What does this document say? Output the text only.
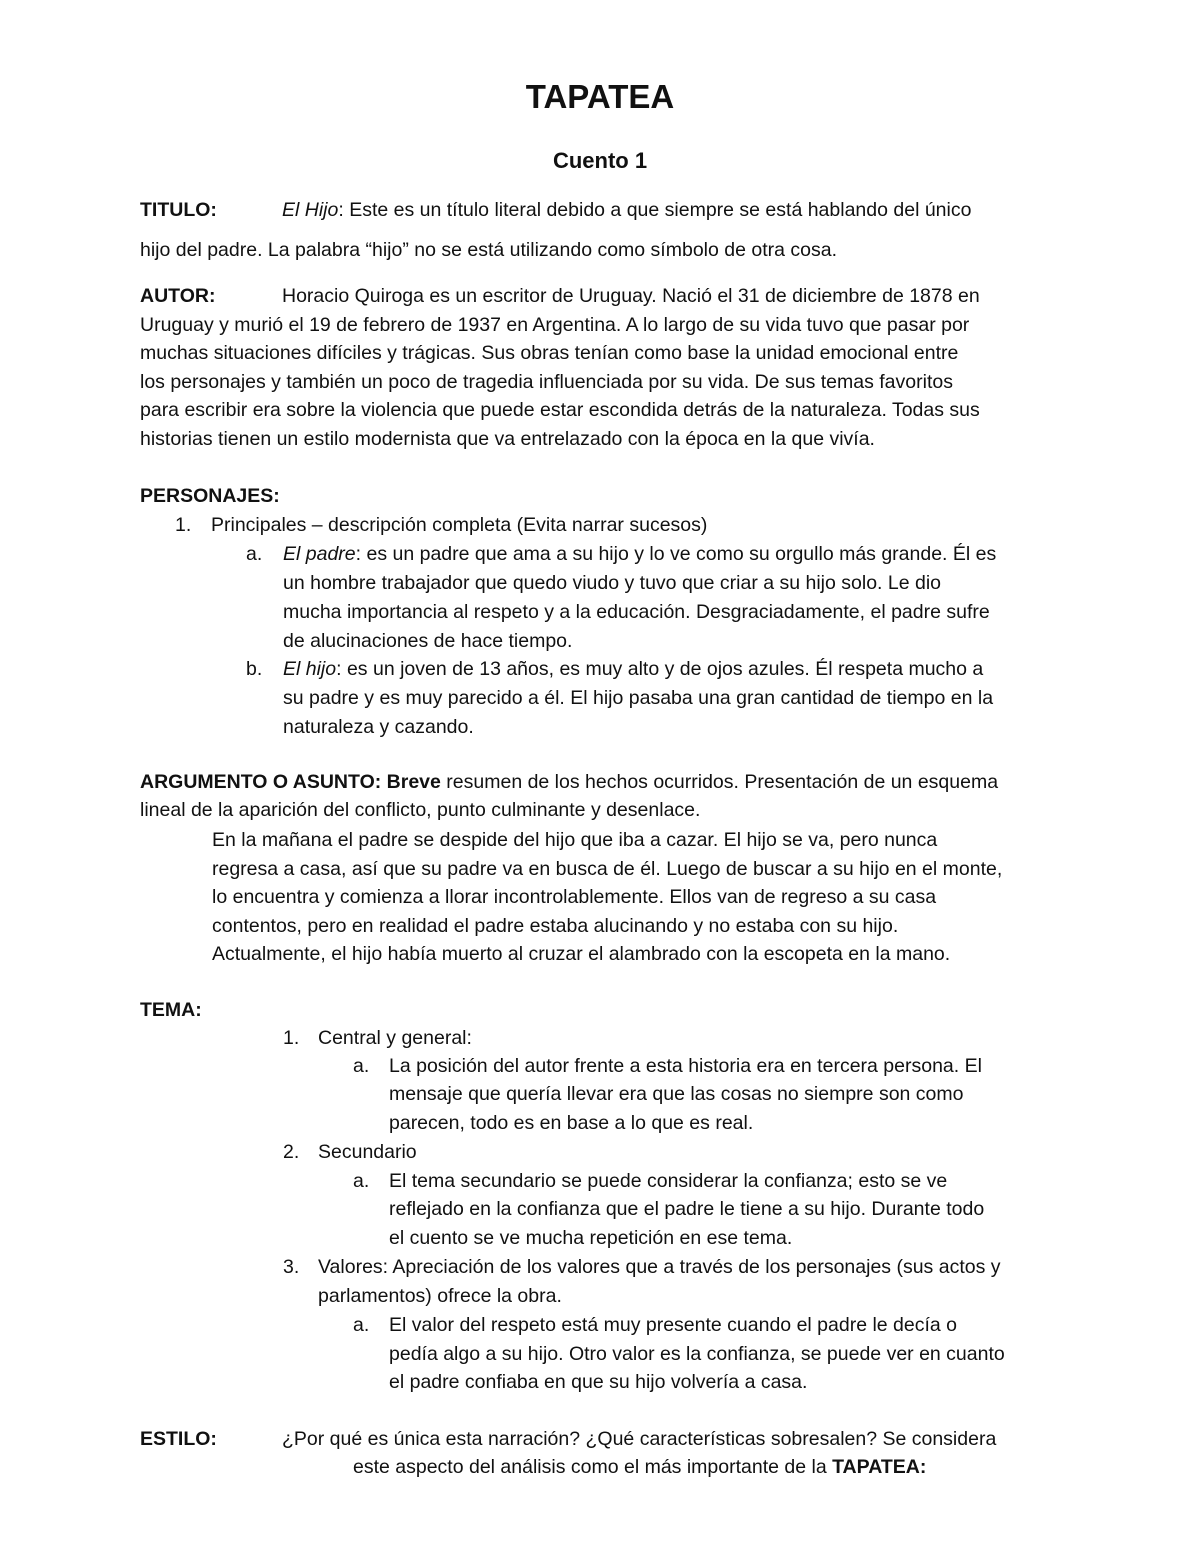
TAPATEA
Cuento 1
TITULO:	El Hijo: Este es un título literal debido a que siempre se está hablando del único
hijo del padre. La palabra “hijo” no se está utilizando como símbolo de otra cosa.
AUTOR:	Horacio Quiroga es un escritor de Uruguay. Nació el 31 de diciembre de 1878 en
Uruguay y murió el 19 de febrero de 1937 en Argentina. A lo largo de su vida tuvo que pasar por
muchas situaciones difíciles y trágicas. Sus obras tenían como base la unidad emocional entre
los personajes y también un poco de tragedia influenciada por su vida. De sus temas favoritos
para escribir era sobre la violencia que puede estar escondida detrás de la naturaleza. Todas sus
historias tienen un estilo modernista que va entrelazado con la época en la que vivía.
PERSONAJES:
1. Principales – descripción completa (Evita narrar sucesos)
a. El padre: es un padre que ama a su hijo y lo ve como su orgullo más grande. Él es
un hombre trabajador que quedo viudo y tuvo que criar a su hijo solo. Le dio
mucha importancia al respeto y a la educación. Desgraciadamente, el padre sufre
de alucinaciones de hace tiempo.
b. El hijo: es un joven de 13 años, es muy alto y de ojos azules. Él respeta mucho a
su padre y es muy parecido a él. El hijo pasaba una gran cantidad de tiempo en la
naturaleza y cazando.
ARGUMENTO O ASUNTO: Breve resumen de los hechos ocurridos. Presentación de un esquema
lineal de la aparición del conflicto, punto culminante y desenlace.
En la mañana el padre se despide del hijo que iba a cazar. El hijo se va, pero nunca
regresa a casa, así que su padre va en busca de él. Luego de buscar a su hijo en el monte,
lo encuentra y comienza a llorar incontrolablemente. Ellos van de regreso a su casa
contentos, pero en realidad el padre estaba alucinando y no estaba con su hijo.
Actualmente, el hijo había muerto al cruzar el alambrado con la escopeta en la mano.
TEMA:
1. Central y general:
a. La posición del autor frente a esta historia era en tercera persona. El
mensaje que quería llevar era que las cosas no siempre son como
parecen, todo es en base a lo que es real.
2. Secundario
a. El tema secundario se puede considerar la confianza; esto se ve
reflejado en la confianza que el padre le tiene a su hijo. Durante todo
el cuento se ve mucha repetición en ese tema.
3. Valores: Apreciación de los valores que a través de los personajes (sus actos y
parlamentos) ofrece la obra.
a. El valor del respeto está muy presente cuando el padre le decía o
pedía algo a su hijo. Otro valor es la confianza, se puede ver en cuanto
el padre confiaba en que su hijo volvería a casa.
ESTILO:	¿Por qué es única esta narración? ¿Qué características sobresalen? Se considera
este aspecto del análisis como el más importante de la TAPATEA:
